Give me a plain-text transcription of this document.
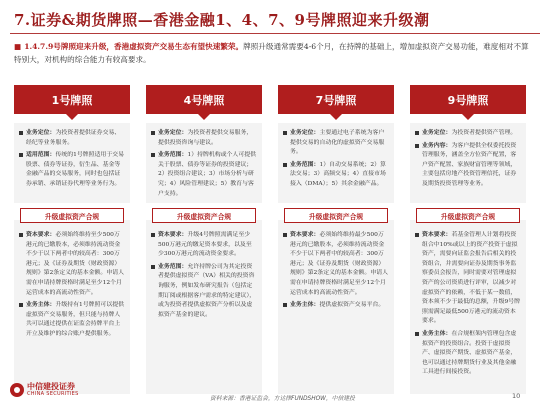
7.证券&期货牌照—香港金融1、4、7、9号牌照迎来升级潮
■ 1.4.7.9号牌照迎来升级，香港虚拟资产交易生态有望快速繁荣。牌照升级通常需要4-6个月，在持牌的基础上，增加虚拟资产交易功能，难度相对不算特别大，对机构的综合能力有较高要求。
1号牌照
业务定位：为投资者提供证券交易、经纪等业务服务。
适用范围：传统的1号牌照适用于交易股票、债券等证券，衍生品、基金等金融产品的交易服务，同时也包括证券承销、承销证券代理等业务行为。
升级虚拟资产合规
资本要求：必须始终维持至少500万港元的已缴股本，必须维持流动资金不少于以下两者中的较高者：300万港元；及《证券及期货（财政资源）规则》第2条定义的基本金额。申请人需在申请持牌资格时满足至少12个月运营成本的高流动性资产。
业务主体：升级持有1号牌照可以提供虚拟资产交易服务，但只能与持牌人共可以通过提供在证监会持牌平台上开立及维护的综合账户提供服务。
4号牌照
业务定位：为投资者提供交易服务，提供投资咨询与建议。
业务范围：1）持牌机构或个人可提供关于股票、债券等证券的投资建议；2）投资组合建议；3）市场分析与研究；4）风险管理建议；5）教育与客户支持。
升级虚拟资产合规
资本要求：升级4号牌照需满足至少500万港元的缴足资本要求，以及至少300万港元的流动资金要求。
业务范围：允许持牌公司为其定投资者提供虚拟资产（VA）相关的投资咨询服务，例如发布研究报告（包括定期订阅或根据客户需求的特定建议），或为投资者提供虚拟资产分析以及虚拟资产基金的建议。
7号牌照
业务定位：主要通过电子系统为客户提供交易的自动化的虚拟资产交易服务。
业务范围：1）自动交易系统；2）算法交易；3）高频交易；4）直接市场接入（DMA）；5）其余金融产品。
升级虚拟资产合规
资本要求：必须始终维持最少500万港元的已缴股本，必须维持流动资金不少于以下两者中的较高者：300万港元；及《证券及期货（财政资源）规则》第2条定义的基本金额。申请人需在申请持牌资格时满足至少12个月运营成本的高流动性资产。
业务主体：提供虚拟资产交易平台。
9号牌照
业务定位：为投资者提供资产管理。
业务内容：为客户提供全权委托投资管理服务，涵盖全方位资产配置，客户资产配置、家族财富管理等领域，主要包括房地产投资管理信托，证券及期货投资管理等业务。
升级虚拟资产合规
资本要求：若基金管理人计划将投资组合中10%或以上的资产投资于虚拟资产，需要向证监会报告后相关的投资组合，并需要向证券及期货事务监察委员会报告，同时需要对管理虚拟资产的公司资质进行评审，以减少对虚拟资产的依赖，不低于某一数值，资本须不少于最低的总额，升级9号牌照需满足最低500万港元的流动资本要求。
业务主体：在合规框架内管理包含虚拟资产的投资组合。投资于虚拟资产、虚拟资产期货、虚拟资产基金，也可以通过持牌期货行业及其他金融工具进行间接投资。
中信建投证券
CHINA SECURITIES
资料来源：香港证监会，方达律FUNDSHOW，中信建投	10
